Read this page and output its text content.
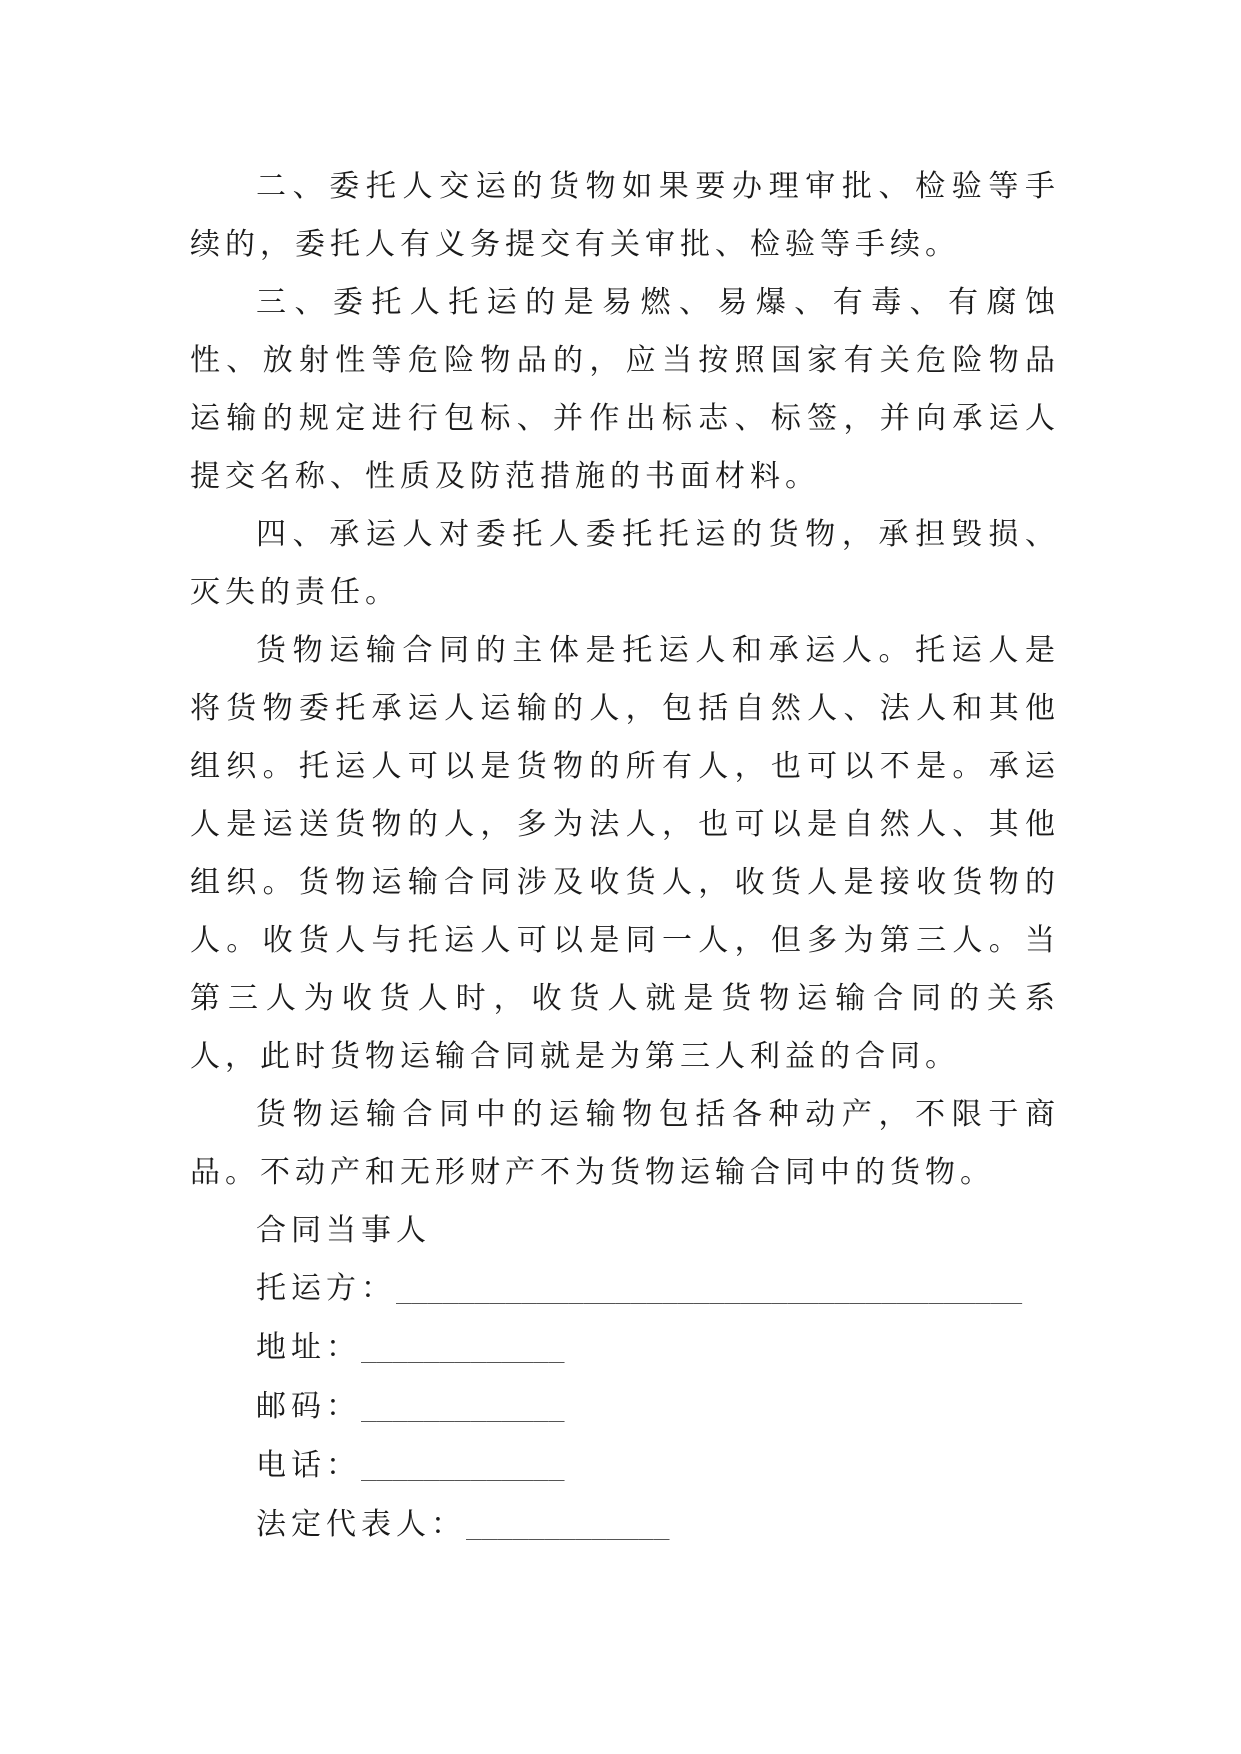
二、委托人交运的货物如果要办理审批、检验等手续的，委托人有义务提交有关审批、检验等手续。

三、委托人托运的是易燃、易爆、有毒、有腐蚀性、放射性等危险物品的，应当按照国家有关危险物品运输的规定进行包标、并作出标志、标签，并向承运人提交名称、性质及防范措施的书面材料。

四、承运人对委托人委托托运的货物，承担毁损、灭失的责任。

货物运输合同的主体是托运人和承运人。托运人是将货物委托承运人运输的人，包括自然人、法人和其他组织。托运人可以是货物的所有人，也可以不是。承运人是运送货物的人，多为法人，也可以是自然人、其他组织。货物运输合同涉及收货人，收货人是接收货物的人。收货人与托运人可以是同一人，但多为第三人。当第三人为收货人时，收货人就是货物运输合同的关系人，此时货物运输合同就是为第三人利益的合同。

货物运输合同中的运输物包括各种动产，不限于商品。不动产和无形财产不为货物运输合同中的货物。

合同当事人

托运方：________________________________________

地址：_____________

邮码：_____________

电话：_____________

法定代表人：_____________
